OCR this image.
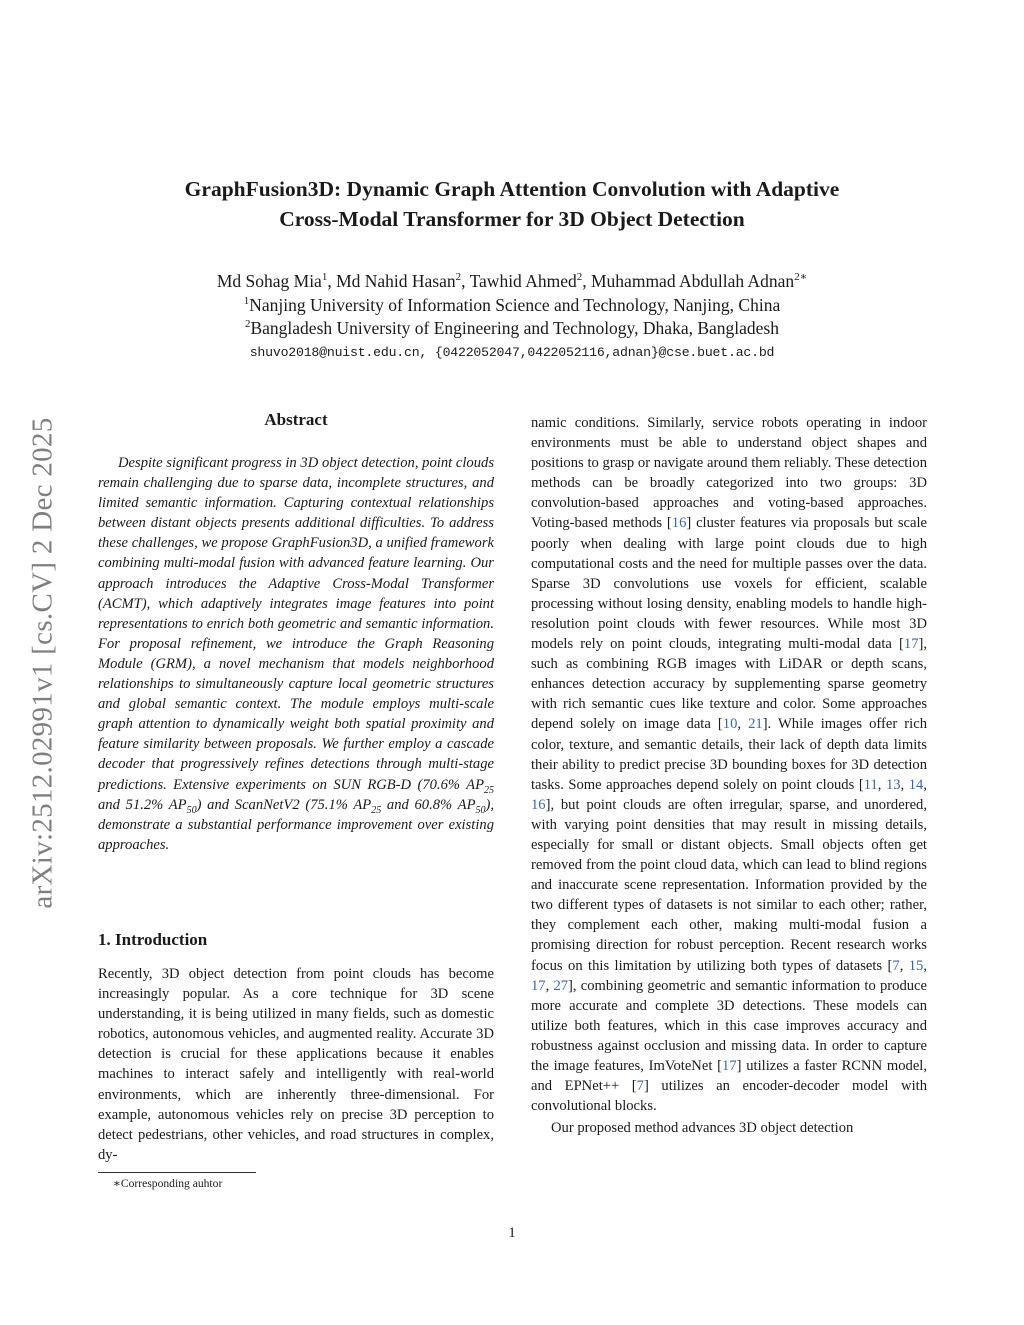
arXiv:2512.02991v1 [cs.CV] 2 Dec 2025
GraphFusion3D: Dynamic Graph Attention Convolution with Adaptive
Cross-Modal Transformer for 3D Object Detection
Md Sohag Mia$^1$, Md Nahid Hasan$^2$, Tawhid Ahmed$^2$, Muhammad Abdullah Adnan$^{2∗}$
$^1$Nanjing University of Information Science and Technology, Nanjing, China
$^2$Bangladesh University of Engineering and Technology, Dhaka, Bangladesh
shuvo2018@nuist.edu.cn, {0422052047,0422052116,adnan}@cse.buet.ac.bd
Abstract

Despite significant progress in 3D object detection, point clouds remain challenging due to sparse data, incomplete structures, and limited semantic information. Capturing contextual relationships between distant objects presents additional difficulties. To address these challenges, we propose GraphFusion3D, a unified framework combining multi-modal fusion with advanced feature learning. Our approach introduces the Adaptive Cross-Modal Transformer (ACMT), which adaptively integrates image features into point representations to enrich both geometric and semantic information. For proposal refinement, we introduce the Graph Reasoning Module (GRM), a novel mechanism that models neighborhood relationships to simultaneously capture local geometric structures and global semantic context. The module employs multi-scale graph attention to dynamically weight both spatial proximity and feature similarity between proposals. We further employ a cascade decoder that progressively refines detections through multi-stage predictions. Extensive experiments on SUN RGB-D (70.6% $AP_{25}$ and 51.2% $AP_{50}$) and ScanNetV2 (75.1% $AP_{25}$ and 60.8% $AP_{50}$), demonstrate a substantial performance improvement over existing approaches.

1. Introduction

Recently, 3D object detection from point clouds has become increasingly popular. As a core technique for 3D scene understanding, it is being utilized in many fields, such as domestic robotics, autonomous vehicles, and augmented reality. Accurate 3D detection is crucial for these applications because it enables machines to interact safely and intelligently with real-world environments, which are inherently three-dimensional. For example, autonomous vehicles rely on precise 3D perception to detect pedestrians, other vehicles, and road structures in complex, dy-

namic conditions. Similarly, service robots operating in indoor environments must be able to understand object shapes and positions to grasp or navigate around them reliably. These detection methods can be broadly categorized into two groups: 3D convolution-based approaches and voting-based approaches. Voting-based methods [16] cluster features via proposals but scale poorly when dealing with large point clouds due to high computational costs and the need for multiple passes over the data. Sparse 3D convolutions use voxels for efficient, scalable processing without losing density, enabling models to handle high-resolution point clouds with fewer resources. While most 3D models rely on point clouds, integrating multi-modal data [17], such as combining RGB images with LiDAR or depth scans, enhances detection accuracy by supplementing sparse geometry with rich semantic cues like texture and color. Some approaches depend solely on image data [10, 21]. While images offer rich color, texture, and semantic details, their lack of depth data limits their ability to predict precise 3D bounding boxes for 3D detection tasks. Some approaches depend solely on point clouds [11, 13, 14, 16], but point clouds are often irregular, sparse, and unordered, with varying point densities that may result in missing details, especially for small or distant objects. Small objects often get removed from the point cloud data, which can lead to blind regions and inaccurate scene representation. Information provided by the two different types of datasets is not similar to each other; rather, they complement each other, making multi-modal fusion a promising direction for robust perception. Recent research works focus on this limitation by utilizing both types of datasets [7, 15, 17, 27], combining geometric and semantic information to produce more accurate and complete 3D detections. These models can utilize both features, which in this case improves accuracy and robustness against occlusion and missing data. In order to capture the image features, ImVoteNet [17] utilizes a faster RCNN model, and EPNet++ [7] utilizes an encoder-decoder model with convolutional blocks.

Our proposed method advances 3D object detection

∗Corresponding auhtor
1
